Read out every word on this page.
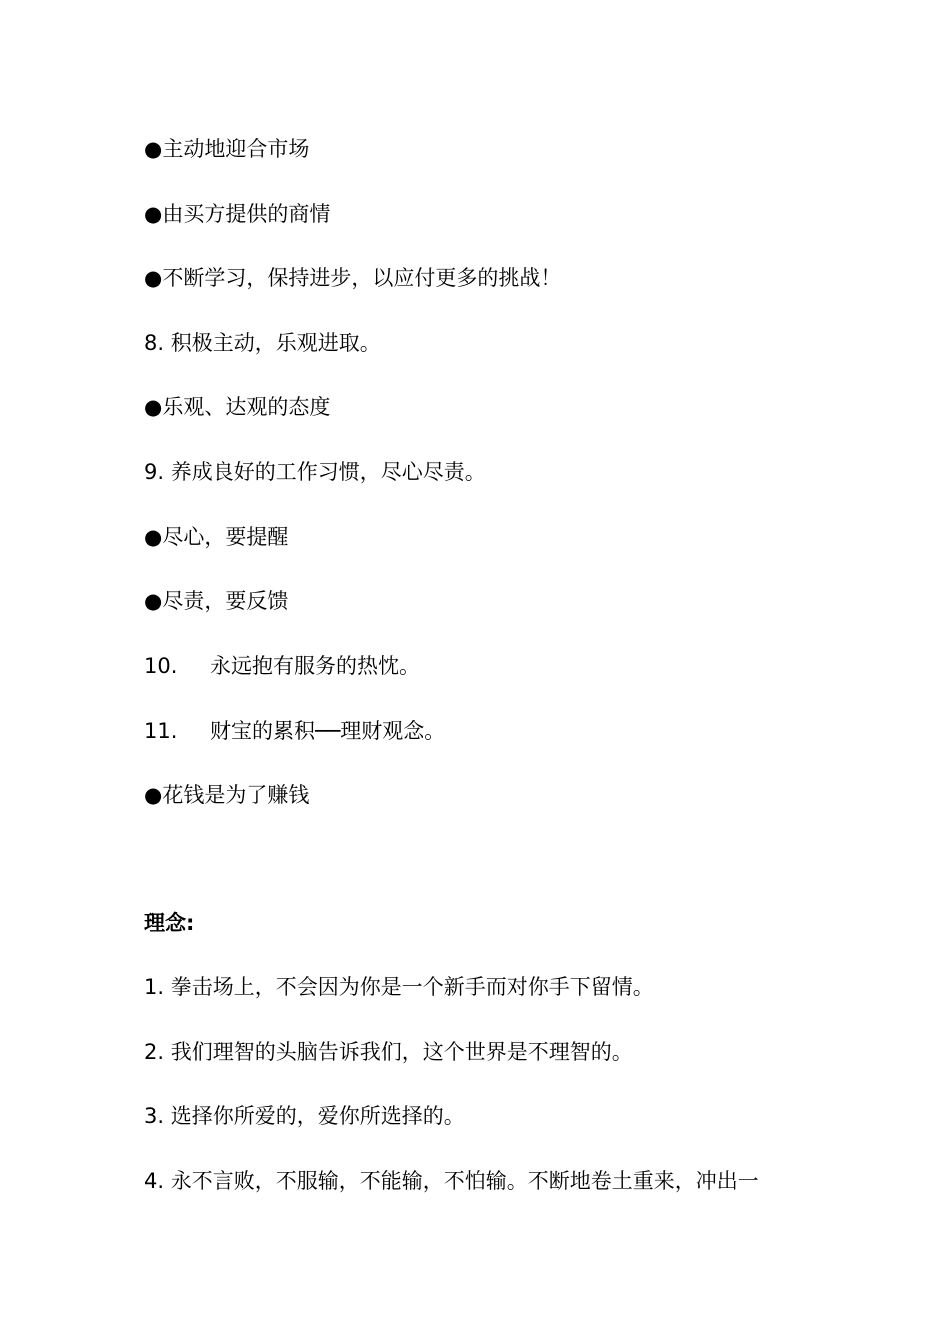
●主动地迎合市场
●由买方提供的商情
●不断学习，保持进步，以应付更多的挑战！
8. 积极主动，乐观进取。
●乐观、达观的态度
9. 养成良好的工作习惯，尽心尽责。
●尽心，要提醒
●尽责，要反馈
10. 永远抱有服务的热忱。
11. 财宝的累积──理财观念。
●花钱是为了赚钱
理念:
1. 拳击场上，不会因为你是一个新手而对你手下留情。
2. 我们理智的头脑告诉我们，这个世界是不理智的。
3. 选择你所爱的，爱你所选择的。
4. 永不言败，不服输，不能输，不怕输。不断地卷土重来，冲出一
